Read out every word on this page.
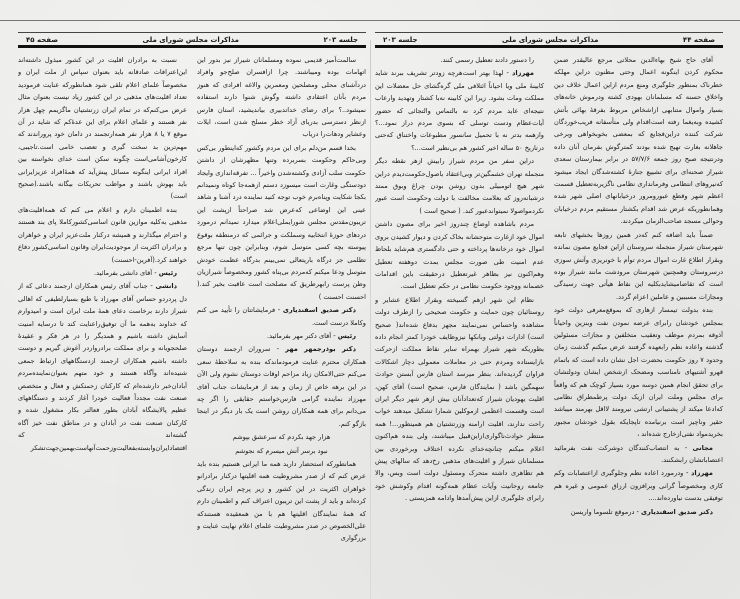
جلسه ۲۰۳
مذاکرات مجلس شورای ملی
صفحه ۴۵

سالمت‌آمیز قدیمی نموده ومسلمانان شیراز نیز بدور این اتهامات بوده ومیباشند. چرا ازافسران صلح‌جو وافراد دردآشنای محلی ومصلحین ومعمرین والاغه افرادی که هنوز مردم بآنان اعتقادی داشته وگوش شنوا دارند استفاده نمیشود..؟ برای رضای خداتدبیری بیاندیشید، استان فارس ازنظر دسترسی بدریای آزاد خطر مسلح شدن است، ایلات وعشایر ودهات‌را دریاب

بخدا قسم من‌دلم برای این مردم وکشور که‌اینطور بی‌کس وبی‌حاکم وحکومت بسربرده وتنها مظهرشان از داشتن حکومت سلب آزادی وکشته‌شدن واخیراً ... تفرقه‌اندازی وایجاد دودستگی وغارت است میسوزد دستم ازهمه‌جا کوتاه ونمیدانم بکجا شکایت وپناه‌برم خوب توجه کنید نماینده درد آشنا و شاهد عینی این اوضاعی که‌عرض شد صراحتاً ازپشت این تریبون‌مقدس مجلس شورایملی‌اعلام میدارد نمیدانم درمورد دردهای حوزهٔ انتخابیه وسملکت و جرائمی که درمنطقه بوقوع پیوسته بچه کسی متوسل شوم، وبنابراین چون تنها مرجع تظلمی جز درگاه باریتعالی نمی‌بینم بدرگاه عظمت خودش متوسل ودعا میکنم که‌مردم بی‌پناه کشور ومخصوصاً شیرازیان وطن پرست رابهرطریق که مصلحت است عاقبت بخیر کند.( احسنت احسنت )

دکتر صدیق اسفندیاری - فرمایشاتتان را تأیید می کنم وکاملا درست است.

رئیس - آقای دکتر مهر بفرمائید.

دکتر بوذرجمهر مهر - سروران ارجمند دوستان همکاران محترم عنایت فرمودماندکه بنده به سلاحظهٔ سعی می‌کنم حتی‌الامکان زیاد مزاحم اوقات دوستان نشوم ولی الآن در این برهه خاص از زمان و بعد از فرمایشات جناب آقای مهرزاد نماینده گرامی فارس‌خواستم حقایقی را اگر چه می‌دانم برای همه همکاران روشن است یک بار دیگر در اینجا بازگو کنم.

هزار جهد بکردم که سرعشق بپوشم

نبود برسر آتش میسرم که نجوشم

همانطورکه استحضار دارید همه ما ایرانی هستیم بنده باید عرض کنم که از صدر مشروطیت همه اقلیتها درکنار برادرانو خواهران اکثریت در این کشور و زیر پرچم ایران زندگی کرده‌اند و باید از پشت این تریبون اعتراف کنم و اطمینان دارم که همهٔ نمایندگان اقلیتها هم با من همعقیده هستندکه علی‌الخصوص در صدر مشروطیت علمای اعلام نهایت عنایت و بزرگواری

نسبت به برادران اقلیت در این کشور مبذول داشته‌اند این‌اعترافات صادقانه باید بعنوان سپاس از ملت ایران و مخصوصاً علمای اعلام تلقی شود همانطورکه عنایت فرمودید تعداد اقلیت‌های مذهبی در این کشور زیاد نیست بعنوان مثال عرض می‌کنم‌که در تمام ایران زرتشتیان ماگزیمم چهل هزار نفر هستند و علمای اعلام برای این عدهٔ‌کم که شاید در آن موقع ۷ یا ۸ هزار نفر همه‌ارتجمند در دامان خود پروراندند که مهم‌ترین بد سخت گیری و تعصب خامی است.تاجیبی، کارخون‌آشامی‌است چگونه سکن است خدای نخواسته بین افراد ایرانی اینگونه مسائل پیش‌آید که همهٔ‌افراد عزیزایرانی باید بهوش باشند و مواظب تحریکات بیگانه باشند.(صحیح است)

بنده اطمینان دارم و اعلام می کنم که همه‌اقلیت‌های مذهبی به‌کلیه موازین قانون اساسی‌کشورکاملا پای بند هستند و احترام میگذارند و همیشه درکنار ملت‌عزیز ایران و خواهران و برادران اکثریت از موجودیت‌ایران وقانون اساسی‌کشور دفاع خواهند کرد.(آفرین-احسنت)

رئیس - آقای دانشی بفرمائید.

دانشی - جناب آقای رئیس همکاران ارجمند دعائی که از دل پردردو حساس آقای مهرزاد با طبع بسیارلطیفی که اهالی شیراز دارند برخاست دعای همهٔ ملت ایران است و امیدوارم که خداوند به‌همه ما آن توفیق‌راعنایت کند تا درسایه امنیت آسایش داشته باشیم و همدیگر را در هر فکر و عقیدهٔ صلحجویانه و برای مملکت برادرواردر آغوش گیریم و دوست داشته باشیم همکاران ارجمند ازدستگاههای ارتباط جمعی شنیده‌اند وآگاه هستند و خود متهم بعنوان‌نماینده‌مردم آبادان‌خبر دارشده‌ام که کارکنان زحمتکش و فعال و متخصص صنعت نفت مجدداً فعالیت خودرا آغاز کردند و دستگاههای عظیم پالایشگاه آبادان بطور فعالتر بکار مشغول شده و کارکنان صنعت نفت در آبادان و در مناطق نفت خیز آگاه گشته‌اند که اقتصاد‌ایران‌وابسته‌بفعالیت‌وزحمت‌آنهاست‌بهمین‌جهت‌تشکر

صفحه ۴۴
مذاکرات مجلس شورای ملی
جلسه ۲۰۳

آقای حاج شیخ بهاءالدین محلاتی مرجع عالیقدر ضمن محکوم کردن اینگونه اعمال وحتی مظنون دراین مهلکه خطرناک بمنظور جلوگیری ومنع مردم ازاین اعمال خلاف دین واخلاق حسنه که مسلمانان بهودی کشته ودرموش خانه‌های بسیار واموال متنابهی ازاشخاص مربوط بفرقهٔ بهائی بآتش کشیده وبه‌یغما رفته است‌اقدام ولی متأسفانه فریب‌خوردگان شرکت کننده دراین‌فجایع که بمعضی بخوبخواهی وبرخی جاهلانه بغارت تهیج شده بودند کمترگوش بفرمان آنان داده ودرنتیجه صبح روز جمعه ۵۷/۷/۶ در برابر بیمارستان سعدی شیراز صحنه‌ای برای تشییع جنازهٔ کشته‌شدگان ایجاد میشود که‌نیروهای انتظامی وفرمانداری نظامی ناگزیربه‌تعطیل قسمت اعظم شهر وقطع عبورومرور درخیابانهای اصلی شهر شده وهمانطوریکه عرض شد اقدام بکشتار مستقیم مردم درخیابان وحوالی مسجد صاحب‌الزمان میکردند.

ضمناً باید اضافه کنم کەدر همین روزها بخشهای تابعه شهرستان شیراز منجمله سروستان ازاین فجایع مصون نمانده وبقرار اطلاع غارت اموال مردم توأم با خونریزی وآتش سوزی درسروستان وهمچنین شهرستان مرودشت مانند شیراز بوده است که تقاضامیشاید‌بکلیه این نقاط هیأتی جهت رسیدگی ومجازات مسببین و عاملین اعزام گردد.

بنده بدولت تیمسار ازهاری که بموقع‌معرفی دولت خود بمجلس خودشان رابرای عرضه نمودن نفت وبنزین واحیاناً آذوقه بمردم موظف وتعقیب متخلفین و مجازات مسئولین گذشته واعاده نظم رابعهده گرفتند عرض میکنم گذشت زمان وحدود ۷ روز حکومت بحضرت اجل نشان داده است که باتمام قهرو آشتیهای نامناسب ومضحک ازشخص ایشان ودولتشان برای تحقق انجام همین دوسه مورد بسیار کوچک هم که واقعاً برای مجلس وملت ایران ازیک دولت پرطمطراق نظامی که‌ادعا میکند از پشتیبانی ارتشی نیرومند لااقل بهرمند میباشد حقیر وناچیز است برنیامده تاپجایکه بقول خودشان مجبور بخریدمواد نفتی‌ازخارج شده‌اند ،

مجانی - به انتصاب‌کنندگان دوشرکت نفت بفرمائید اعتصاباتشان رابشکنند.

مهرزاد - ودرمورد اعاده نظم وجلوگیری ازاعتصابات وکم کاری ومخصوصاً گرانی وبرافزون ارزاق عمومی و غیره هم توفیقی بدست نیاورده‌اند....

دکتر صدیق اسفندیاری - درموقع تلسوما واریسن

را دستور دادند تعطیل رسمی کنند.

مهرزاد - لهذا بهتر است‌هرچه زودتر تشریف ببرند شاید کابینهٔ ملی ویا احیاناً ائتلافی ملی گره‌گشای حل معضلات این مملکت ومات بشود. زیرا این کابینه نه‌با کشتار وتهدید وارعاب نتیجه‌ای عاید مردم کرد نه بالتماس والتجائی که حضور آیات‌عظام ودست توسلی که بسوی مردم دراز نمود...؟ وازهمه بدتر نه با تحمیل سانسور مطبوعات واختناق که‌حتی درتاریخ ۵۰ ساله اخیر کشور هم بی‌نظیر است...؟

دراین سفر من مردم شیراز رابیش ازهر نقطه دیگر منجمله تهران خشمگین‌تر وبی‌اعتقاد باصول‌حکومت‌دیدم دراین شهر هیچ اتومبیلی بدون روشن بودن چراغ وبوق ممتد درشبانه‌روز که بعلامت مخالفت با دولت وحکومت است عبور نکردمواصولا نمیتواند‌عبور کند. ( صحیح است )

مردم باشاهده اوضاع چندروز اخیر برای مصون داشتن اموال خود ازغارت متوحشانه بخاک کردن و دیوار کشیدن بروی اموال خود درخانه‌ها پرداخته و حتی دادگستری هم‌شاید بلحاظ عدم امنیت طی صورت مجلس بمدت دوهفته تعطیل وهم‌اکنون نیز بظاهر غیرتعطیل درحقیقت باین اقدامات خصمانه ووجود حکومت نظامی در حکم تعطیل است.

نظام این شهر ازهم گسیخته وبقرار اطلاع عشایر و روستائیان چون حمایت و حکومت صحیحی را ازطرف دولت مشاهده واحساس نمی‌نمایند مجهز بدفاع شده‌اند( صحیح است) ادارات دولتی وبانکها نیزوظایف خودرا کمتر انجام داده بطوریکه شهر شیراز بهمراه سایر نقاط مملکت ازحرکت بازایستاده ومردم حتی در معاملات معمولی دچار اشکالات فراوان گردیده‌اند. بنظر میرسد استان فارس آبستن حوادث سهمگین باشد ( نمایندگان فارس، صحیح است) آقای کهن، اقلیت یهودیان شیراز که‌تعدادآنان بیش ازهر شهر دیگر ایران است وقسمت اعظمی ازموکلین شمارا تشکیل میدهند خواب راحت ندارند، اقلیت ارامنه وزرتشتیان هم همینطور...! همه منتظر حوادث‌ناگواری‌ازاین‌قبیل میباشند، ولی بنده هم‌اکنون اعلام میکنم چنانچه‌خدای نکرده اختلاف وبرخوردی بین مسلمانان شیراز و اقلیت‌های مذهبی رخ‌دهد که سالهای پیش هم تظاهری داشته متحرک ومسئول دولت است وبس، والا جامعه روحانیت وآیات عظام همه‌گونه اقدام وکوشش خود رابرای جلوگیری ازاین پیش‌آمدها وادامه همزیستی .
